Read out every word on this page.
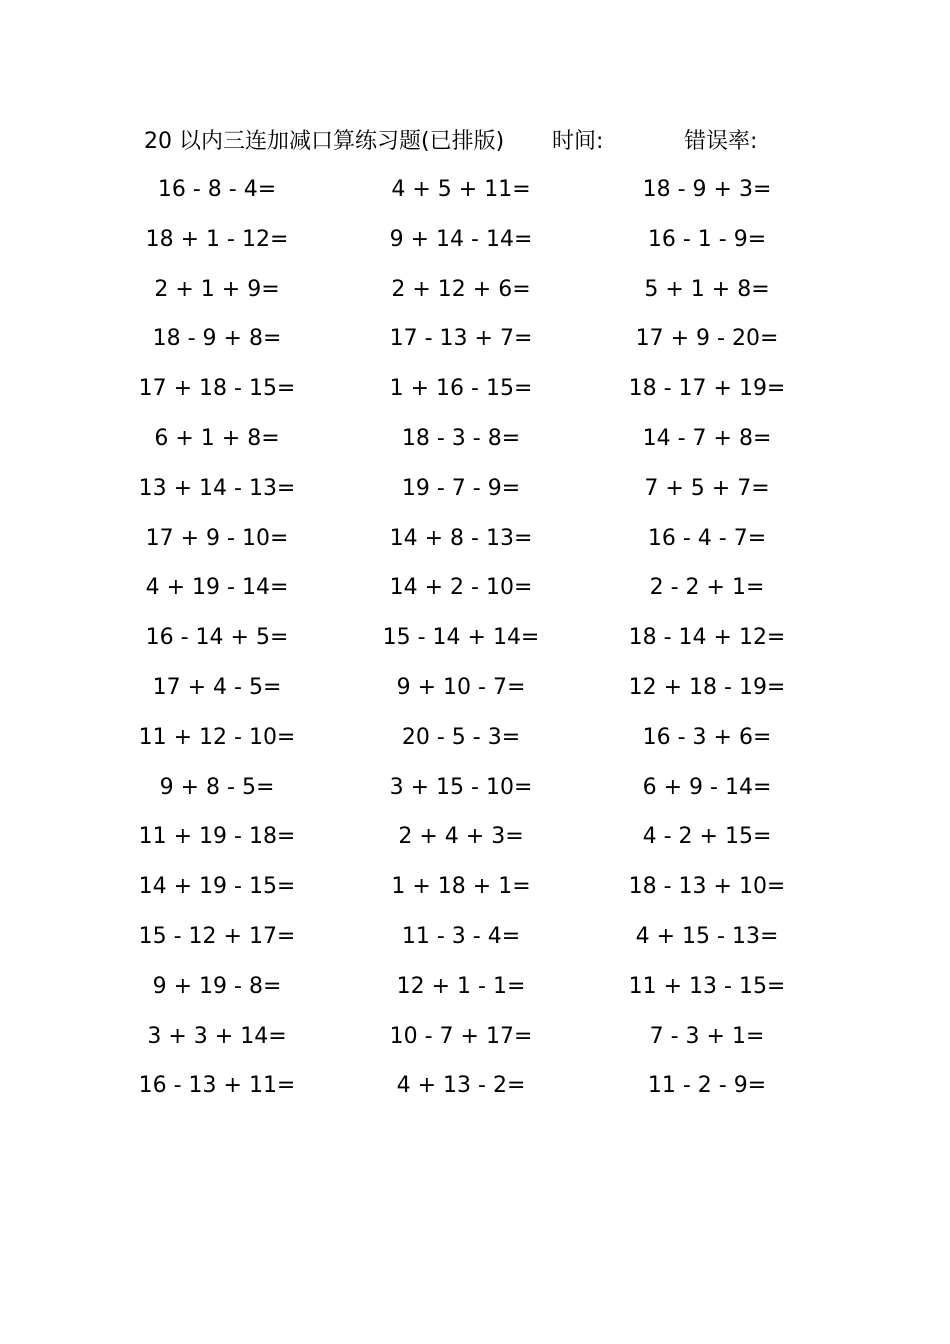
20 以内三连加减口算练习题(已排版) 时间:	错误率:
16 - 8 - 4=	4 + 5 + 11=	18 - 9 + 3=
18 + 1 - 12=	9 + 14 - 14=	16 - 1 - 9=
2 + 1 + 9=	2 + 12 + 6=	5 + 1 + 8=
18 - 9 + 8=	17 - 13 + 7=	17 + 9 - 20=
17 + 18 - 15=	1 + 16 - 15=	18 - 17 + 19=
6 + 1 + 8=	18 - 3 - 8=	14 - 7 + 8=
13 + 14 - 13=	19 - 7 - 9=	7 + 5 + 7=
17 + 9 - 10=	14 + 8 - 13=	16 - 4 - 7=
4 + 19 - 14=	14 + 2 - 10=	2 - 2 + 1=
16 - 14 + 5=	15 - 14 + 14=	18 - 14 + 12=
17 + 4 - 5=	9 + 10 - 7=	12 + 18 - 19=
11 + 12 - 10=	20 - 5 - 3=	16 - 3 + 6=
9 + 8 - 5=	3 + 15 - 10=	6 + 9 - 14=
11 + 19 - 18=	2 + 4 + 3=	4 - 2 + 15=
14 + 19 - 15=	1 + 18 + 1=	18 - 13 + 10=
15 - 12 + 17=	11 - 3 - 4=	4 + 15 - 13=
9 + 19 - 8=	12 + 1 - 1=	11 + 13 - 15=
3 + 3 + 14=	10 - 7 + 17=	7 - 3 + 1=
16 - 13 + 11=	4 + 13 - 2=	11 - 2 - 9=
